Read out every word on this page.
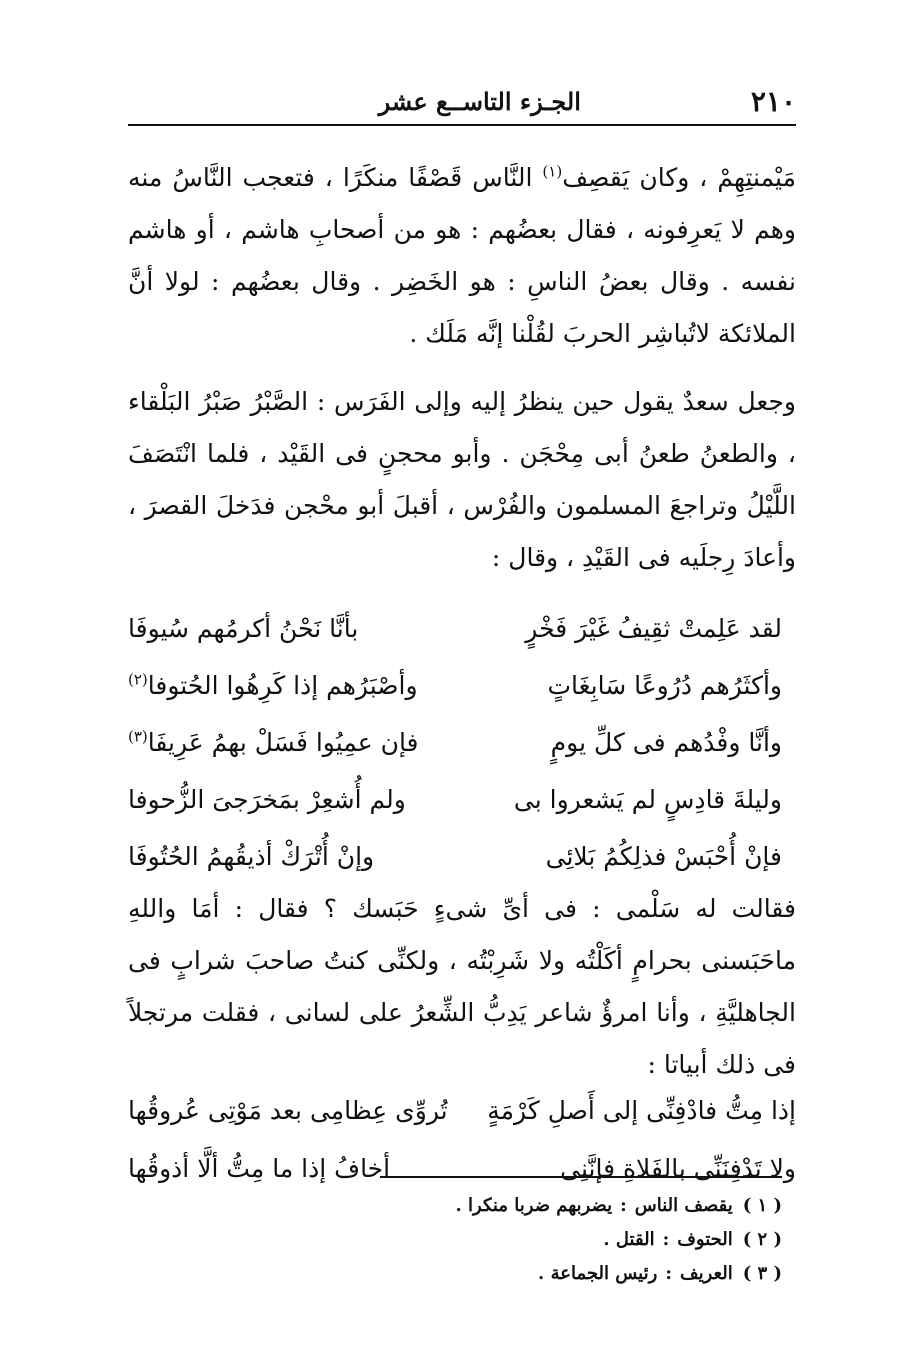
٢١٠
الجـزء التاســع عشر

مَيْمنتِهِمْ ، وكان يَقصِف$^{(١)}$ النَّاس قَصْفًا منكَرًا ، فتعجب النَّاسُ منه وهم لا يَعرِفونه ، فقال بعضُهم : هو من أصحابِ هاشم ، أو هاشم نفسه . وقال بعضُ الناسِ : هو الخَضِر . وقال بعضُهم : لولا أنَّ الملائكة لاتُباشِر الحربَ لقُلْنا إنَّه مَلَك .

وجعل سعدٌ يقول حين ينظرُ إليه وإلى الفَرَس : الصَّبْرُ صَبْرُ البَلْقاء ، والطعنُ طعنُ أبى مِحْجَن . وأبو محجنٍ فى القَيْد ، فلما انْتَصَفَ اللَّيْلُ وتراجعَ المسلمون والفُرْس ، أقبلَ أبو محْجن فدَخلَ القصرَ ، وأعادَ رِجلَيه فى القَيْدِ ، وقال :

لقد عَلِمتْ ثقِيفُ غَيْرَ فَخْرٍ
بأنَّا نَحْنُ أكرمُهم سُيوفَا
وأكثَرُهم دُرُوعًا سَابِغَاتٍ
وأصْبَرُهم إذا كَرِهُوا الحُتوفا$^{(٢)}$
وأنَّا وفْدُهم فى كلِّ يومٍ
فإن عمِيُوا فَسَلْ بهمُ عَرِيفَا$^{(٣)}$
وليلةَ قادِسٍ لم يَشعروا بى
ولم أُشعِرْ بمَخرَجىَ الزُّحوفا
فإنْ أُحْبَسْ فذلِكُمُ بَلائِى
وإنْ أُتْرَكْ أذيقُهمُ الحُتُوفَا

فقالت له سَلْمى : فى أىِّ شىءٍ حَبَسك ؟ فقال : أمَا واللهِ ماحَبَسنى بحرامٍ أكَلْتُه ولا شَرِبْتُه ، ولكنِّى كنتُ صاحبَ شرابٍ فى الجاهليَّةِ ، وأنا امرؤٌ شاعر يَدِبُّ الشِّعرُ على لسانى ، فقلت مرتجلاً فى ذلك أبياتا :

إذا مِتُّ فادْفِنِّى إلى أَصلِ كَرْمَةٍ
تُروِّى عِظامِى بعد مَوْتِى عُروقُها
ولا تَدْفِنَنِّى بالفَلاةِ فإنَّنِى
أخافُ إذا ما مِتُّ ألَّا أذوقُها
( ١ )يقصف الناس:يضربهم ضربا منكرا .
( ٢ )الحتوف:القتل .
( ٣ )العريف:رئيس الجماعة .
